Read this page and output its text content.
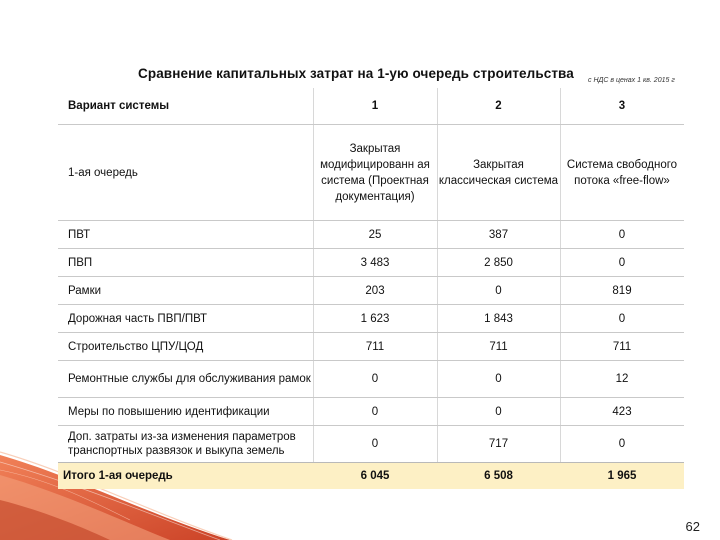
Сравнение капитальных затрат на 1-ую очередь строительства с НДС в ценах 1 кв. 2015 г
Вариант системы	1	2	3
1-ая очередь	Закрытая модифицированн ая система (Проектная документация)	Закрытая классическая система	Система свободного потока «free-flow»
ПВТ	25	387	0
ПВП	3 483	2 850	0
Рамки	203	0	819
Дорожная часть ПВП/ПВТ	1 623	1 843	0
Строительство ЦПУ/ЦОД	711	711	711
Ремонтные службы для обслуживания рамок	0	0	12
Меры по повышению идентификации	0	0	423
Доп. затраты из-за изменения параметров транспортных развязок и выкупа земель	0	717	0
Итого 1-ая очередь	6 045	6 508	1 965
62
